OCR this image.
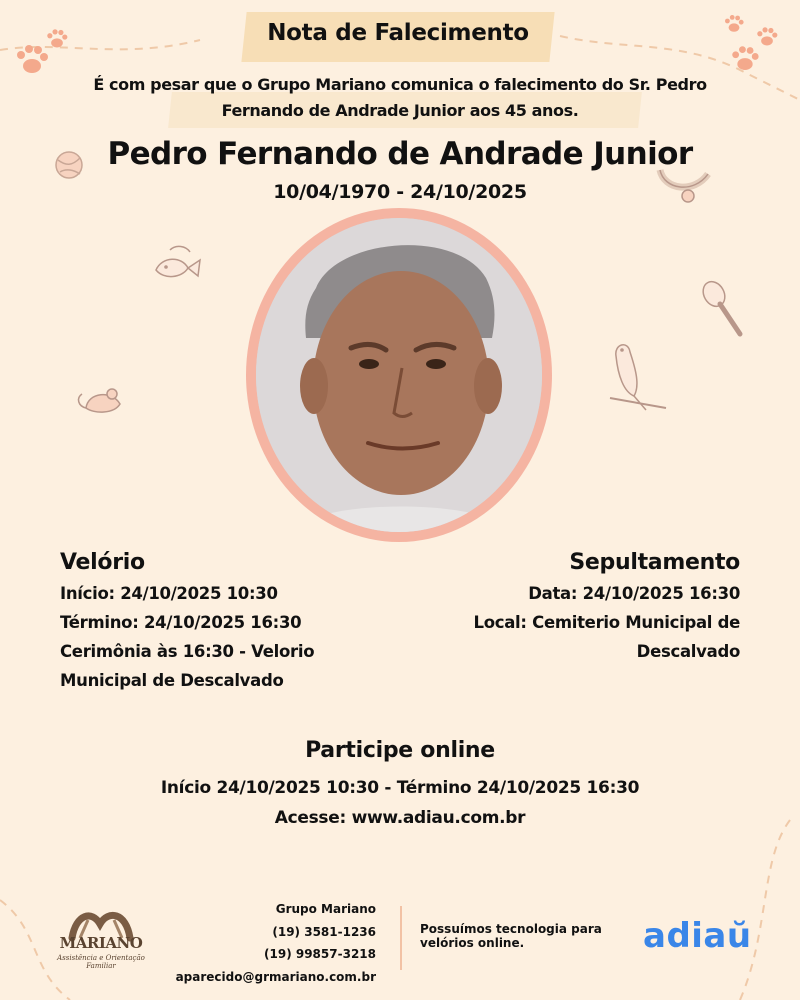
Nota de Falecimento
É com pesar que o Grupo Mariano comunica o falecimento do Sr. Pedro
Fernando de Andrade Junior aos 45 anos.
Pedro Fernando de Andrade Junior
10/04/1970 - 24/10/2025
Velório

Início: 24/10/2025 10:30

Término: 24/10/2025 16:30

Cerimônia às 16:30 - Velorio

Municipal de Descalvado

Sepultamento

Data: 24/10/2025 16:30

Local: Cemiterio Municipal de

Descalvado

Participe online
Início 24/10/2025 10:30 - Término 24/10/2025 16:30
Acesse: www.adiau.com.br
MARIANO
Assistência e Orientação Familiar
Grupo Mariano
(19) 3581-1236
(19) 99857-3218
aparecido@grmariano.com.br
Possuímos tecnologia para velórios online.	adiaŭ
